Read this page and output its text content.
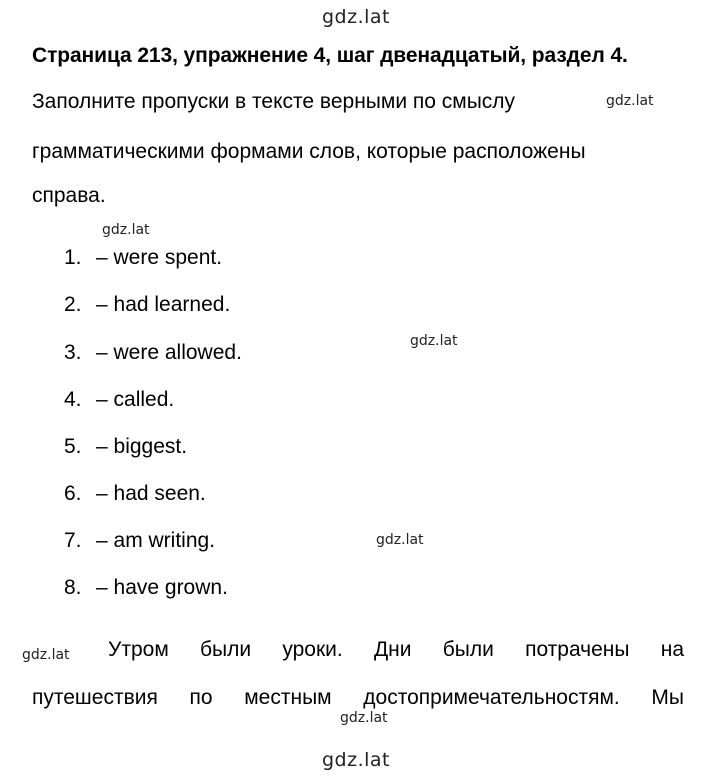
gdz.lat
gdz.lat
gdz.lat
gdz.lat
gdz.lat
gdz.lat
gdz.lat
gdz.lat
Страница 213, упражнение 4, шаг двенадцатый, раздел 4.
Заполните пропуски в тексте верными по смыслу
грамматическими формами слов, которые расположены
справа.
1. – were spent.
2. – had learned.
3. – were allowed.
4. – called.
5. – biggest.
6. – had seen.
7. – am writing.
8. – have grown.
Утром были уроки. Дни были потрачены на
путешествия по местным достопримечательностям. Мы
